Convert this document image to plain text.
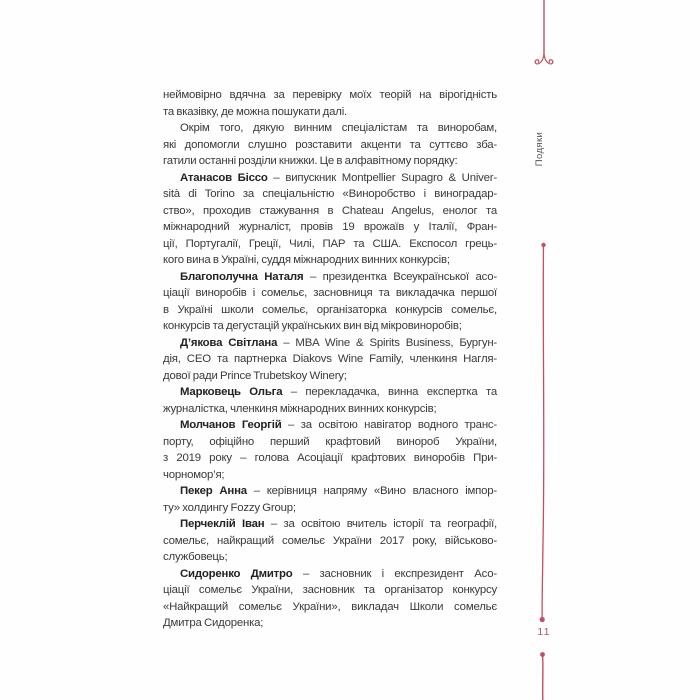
неймовірно вдячна за перевірку моїх теорій на вірогідність
та вказівку, де можна пошукати далі.
Окрім того, дякую винним спеціалістам та виноробам,
які допомогли слушно розставити акценти та суттєво зба-
гатили останні розділи книжки. Це в алфавітному порядку:
Атанасов Біссо – випускник Montpellier Supagro & Univer-
sità di Torino за спеціальністю «Виноробство і виноградар-
ство», проходив стажування в Chateau Angelus, енолог та
міжнародний журналіст, провів 19 врожаїв у Італії, Фран-
ції, Португалії, Греції, Чилі, ПАР та США. Експосол грець-
кого вина в Україні, суддя міжнародних винних конкурсів;
Благополучна Наталя – президентка Всеукраїнської асо-
ціації виноробів і сомельє, засновниця та викладачка першої
в Україні школи сомельє, організаторка конкурсів сомельє,
конкурсів та дегустацій українських вин від мікровиноробів;
Д’якова Світлана – MBA Wine & Spirits Business, Бургун-
дія, CEO та партнерка Diakovs Wine Family, членкиня Нагля-
дової ради Prince Trubetskoy Winery;
Марковець Ольга – перекладачка, винна експертка та
журналістка, членкиня міжнародних винних конкурсів;
Молчанов Георгій – за освітою навігатор водного транс-
порту, офіційно перший крафтовий винороб України,
з 2019 року – голова Асоціації крафтових виноробів При-
чорномор’я;
Пекер Анна – керівниця напряму «Вино власного імпор-
ту» холдингу Fozzy Group;
Перчеклій Іван – за освітою вчитель історії та географії,
сомельє, найкращий сомельє України 2017 року, військово-
службовець;
Сидоренко Дмитро – засновник і експрезидент Асо-
ціації сомельє України, засновник та організатор конкурсу
«Найкращий сомельє України», викладач Школи сомельє
Дмитра Сидоренка;
Подяки
11
